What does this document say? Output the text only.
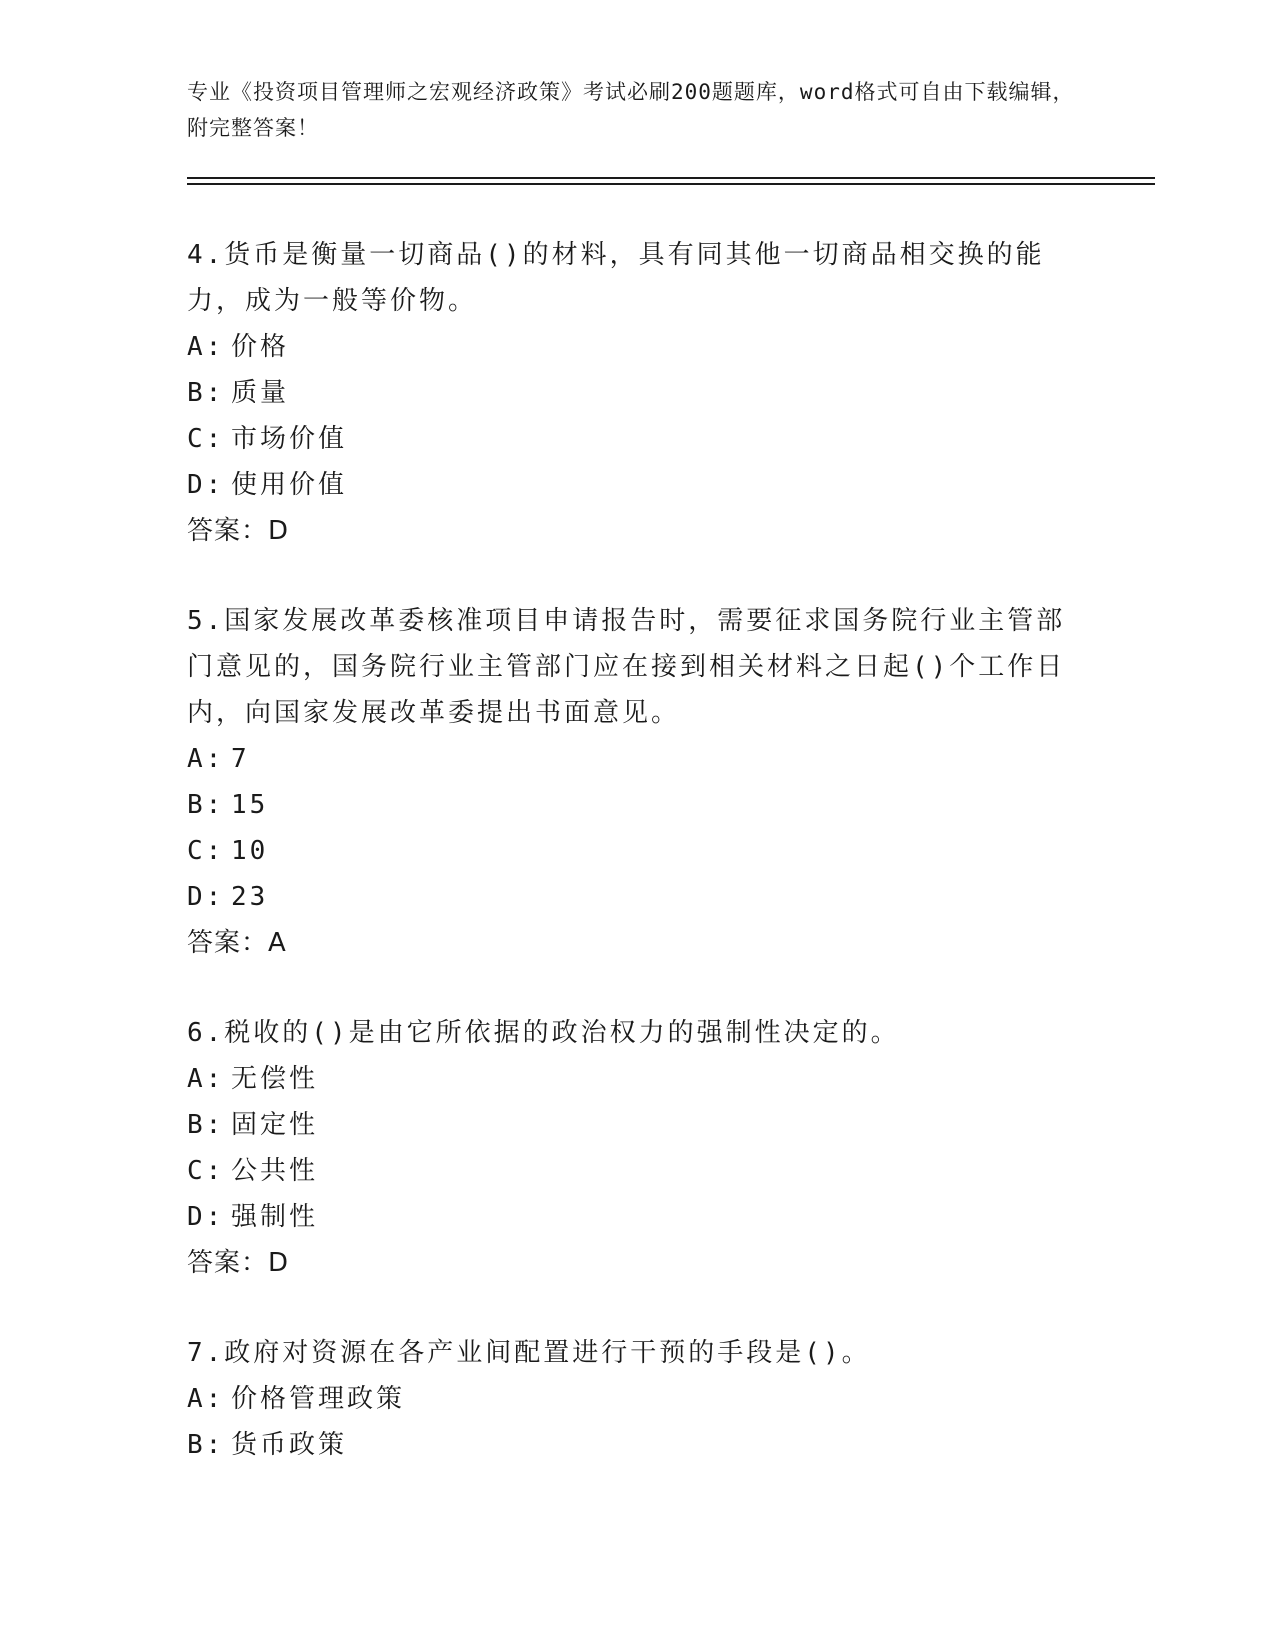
专业《投资项目管理师之宏观经济政策》考试必刷200题题库，word格式可自由下载编辑，附完整答案！
4.货币是衡量一切商品()的材料，具有同其他一切商品相交换的能力，成为一般等价物。
A: 价格
B: 质量
C: 市场价值
D: 使用价值
答案：D
5.国家发展改革委核准项目申请报告时，需要征求国务院行业主管部门意见的，国务院行业主管部门应在接到相关材料之日起()个工作日内，向国家发展改革委提出书面意见。
A: 7
B: 15
C: 10
D: 23
答案：A
6.税收的()是由它所依据的政治权力的强制性决定的。
A: 无偿性
B: 固定性
C: 公共性
D: 强制性
答案：D
7.政府对资源在各产业间配置进行干预的手段是()。
A: 价格管理政策
B: 货币政策
